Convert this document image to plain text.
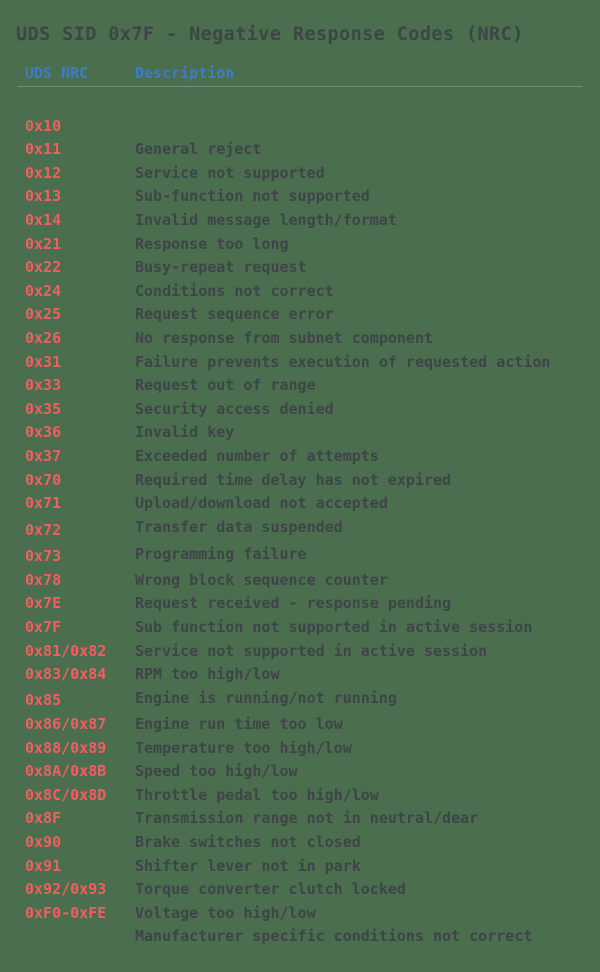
UDS SID 0x7F - Negative Response Codes (NRC)
UDS NRC	Description

0x10

General reject

0x11

Service not supported

0x12

Sub-function not supported

0x13

Invalid message length/format

0x14

Response too long

0x21

Busy-repeat request

0x22

Conditions not correct

0x24

Request sequence error

0x25

No response from subnet component

0x26

Failure prevents execution of requested action

0x31

Request out of range

0x33

Security access denied

0x35

Invalid key

0x36

Exceeded number of attempts

0x37

Required time delay has not expired

0x70

Upload/download not accepted

0x71

Transfer data suspended

0x72

Programming failure

0x73

Wrong block sequence counter

0x78

Request received - response pending

0x7E

Sub function not supported in active session

0x7F

Service not supported in active session

0x81/0x82

RPM too high/low

0x83/0x84

Engine is running/not running

0x85

Engine run time too low

0x86/0x87

Temperature too high/low

0x88/0x89

Speed too high/low

0x8A/0x8B

Throttle pedal too high/low

0x8C/0x8D

Transmission range not in neutral/dear

0x8F

Brake switches not closed

0x90

Shifter lever not in park

0x91

Torque converter clutch locked

0x92/0x93

Voltage too high/low

0xF0-0xFE

Manufacturer specific conditions not correct
